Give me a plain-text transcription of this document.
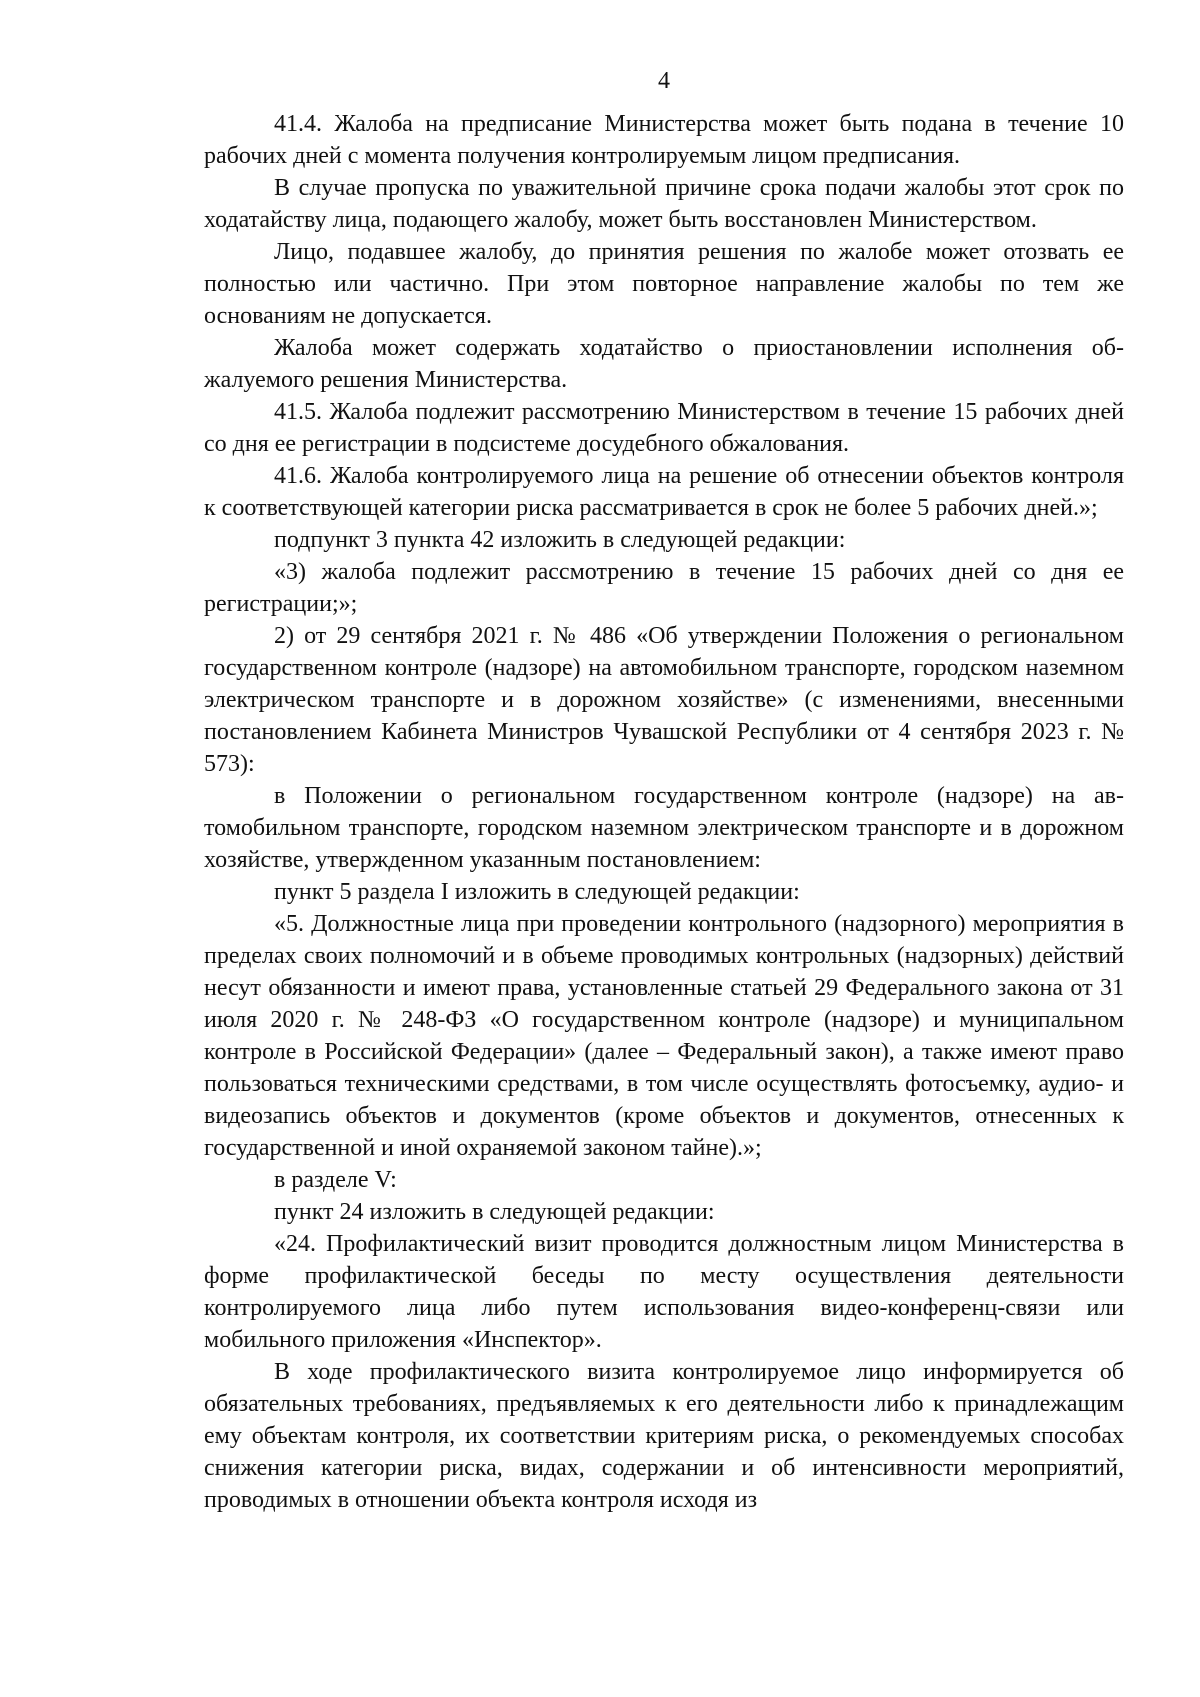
4

41.4. Жалоба на предписание Министерства может быть подана в течение 10 рабочих дней с момента получения контролируемым лицом предписания.

В случае пропуска по уважительной причине срока подачи жалобы этот срок по ходатайству лица, подающего жалобу, может быть восстановлен Министерством.

Лицо, подавшее жалобу, до принятия решения по жалобе может отозвать ее полностью или частично. При этом повторное направление жалобы по тем же основаниям не допускается.

Жалоба может содержать ходатайство о приостановлении исполнения обжалуемого решения Министерства.

41.5. Жалоба подлежит рассмотрению Министерством в течение 15 рабочих дней со дня ее регистрации в подсистеме досудебного обжалования.

41.6. Жалоба контролируемого лица на решение об отнесении объектов контроля к соответствующей категории риска рассматривается в срок не более 5 рабочих дней.»;

подпункт 3 пункта 42 изложить в следующей редакции:

«3) жалоба подлежит рассмотрению в течение 15 рабочих дней со дня ее регистрации;»;

2) от 29 сентября 2021 г. № 486 «Об утверждении Положения о региональном государственном контроле (надзоре) на автомобильном транспорте, городском наземном электрическом транспорте и в дорожном хозяйстве» (с изменениями, внесенными постановлением Кабинета Министров Чувашской Республики от 4 сентября 2023 г. № 573):

в Положении о региональном государственном контроле (надзоре) на автомобильном транспорте, городском наземном электрическом транспорте и в дорожном хозяйстве, утвержденном указанным постановлением:

пункт 5 раздела I изложить в следующей редакции:

«5. Должностные лица при проведении контрольного (надзорного) мероприятия в пределах своих полномочий и в объеме проводимых контрольных (надзорных) действий несут обязанности и имеют права, установленные статьей 29 Федерального закона от 31 июля 2020 г. № 248-ФЗ «О государственном контроле (надзоре) и муниципальном контроле в Российской Федерации» (далее – Федеральный закон), а также имеют право пользоваться техническими средствами, в том числе осуществлять фотосъемку, аудио- и видеозапись объектов и документов (кроме объектов и документов, отнесенных к государственной и иной охраняемой законом тайне).»;

в разделе V:

пункт 24 изложить в следующей редакции:

«24. Профилактический визит проводится должностным лицом Министерства в форме профилактической беседы по месту осуществления деятельности контролируемого лица либо путем использования видео-конференц-связи или мобильного приложения «Инспектор».

В ходе профилактического визита контролируемое лицо информируется об обязательных требованиях, предъявляемых к его деятельности либо к принадлежащим ему объектам контроля, их соответствии критериям риска, о рекомендуемых способах снижения категории риска, видах, содержании и об интенсивности мероприятий, проводимых в отношении объекта контроля исходя из
